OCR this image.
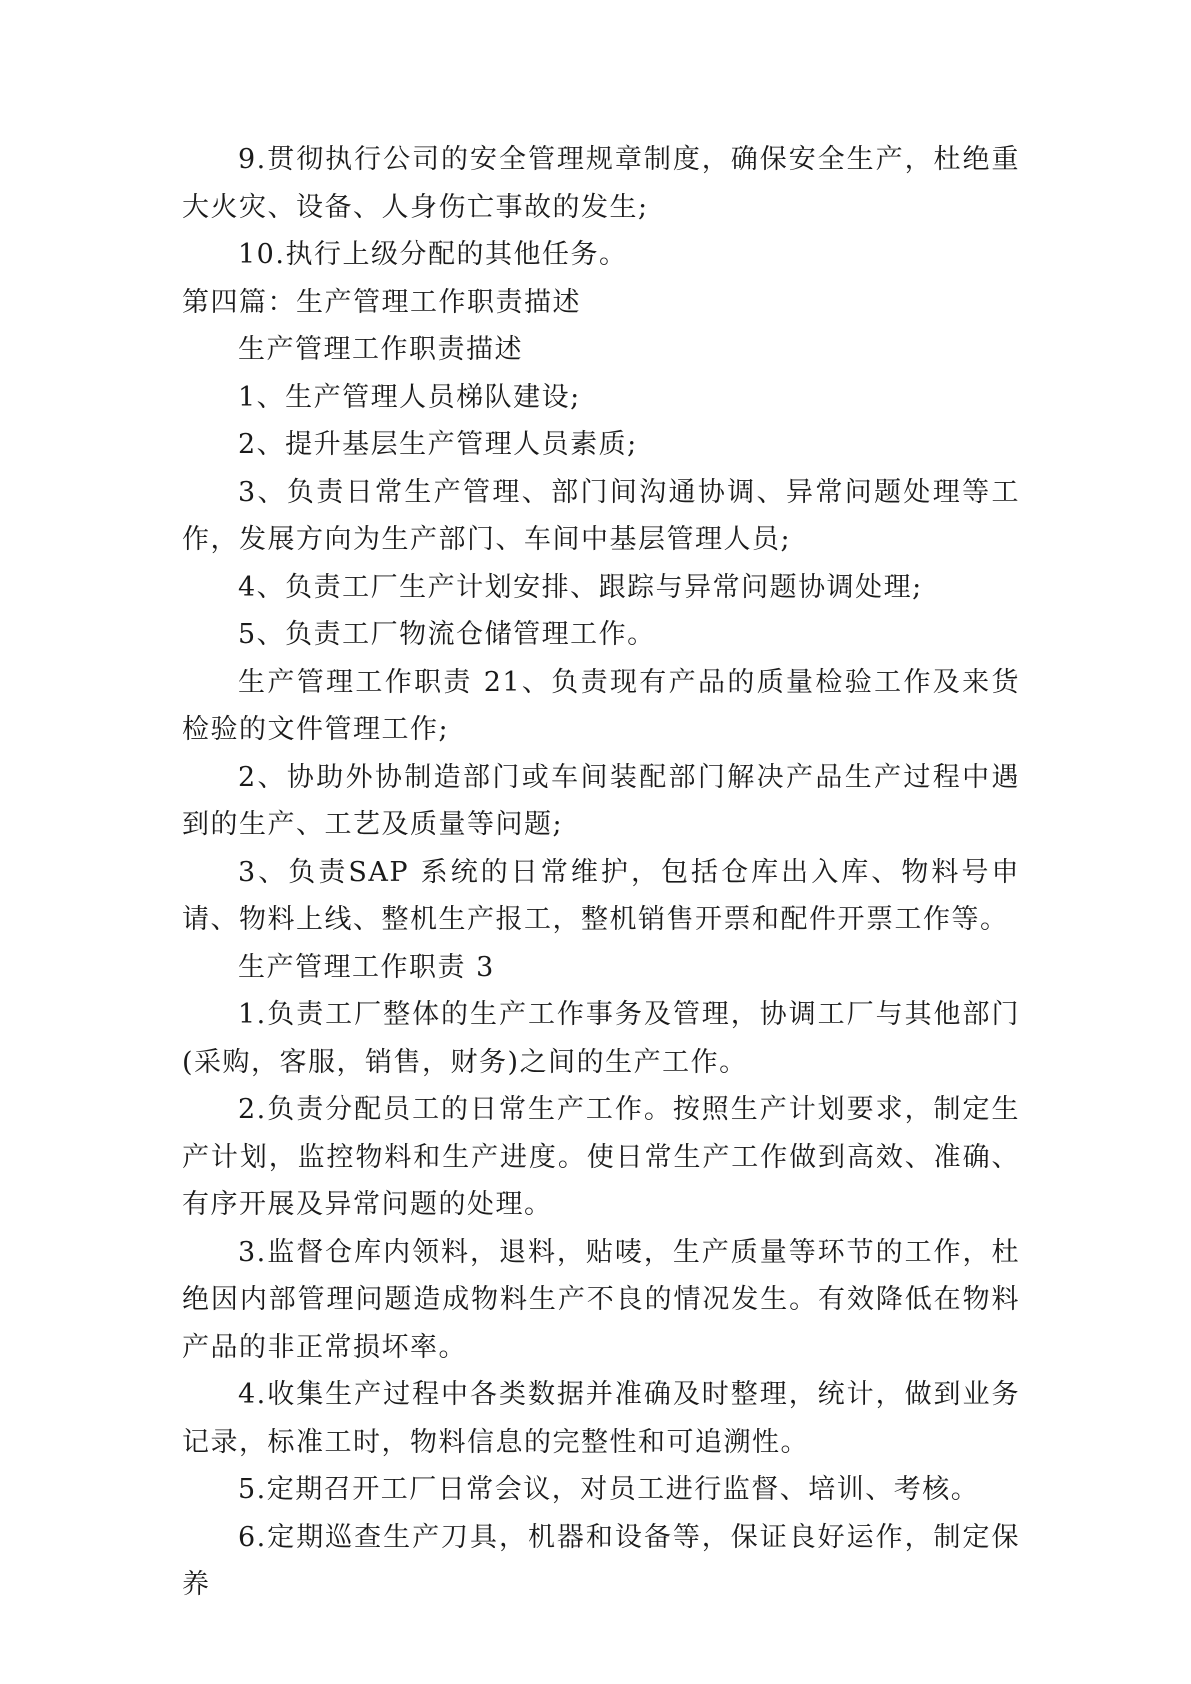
9.贯彻执行公司的安全管理规章制度，确保安全生产，杜绝重大火灾、设备、人身伤亡事故的发生;

10.执行上级分配的其他任务。

第四篇：生产管理工作职责描述

生产管理工作职责描述

1、生产管理人员梯队建设;

2、提升基层生产管理人员素质;

3、负责日常生产管理、部门间沟通协调、异常问题处理等工作，发展方向为生产部门、车间中基层管理人员;

4、负责工厂生产计划安排、跟踪与异常问题协调处理;

5、负责工厂物流仓储管理工作。

生产管理工作职责 21、负责现有产品的质量检验工作及来货检验的文件管理工作;

2、协助外协制造部门或车间装配部门解决产品生产过程中遇到的生产、工艺及质量等问题;

3、负责SAP 系统的日常维护，包括仓库出入库、物料号申请、物料上线、整机生产报工，整机销售开票和配件开票工作等。

生产管理工作职责 3

1.负责工厂整体的生产工作事务及管理，协调工厂与其他部门(采购，客服，销售，财务)之间的生产工作。

2.负责分配员工的日常生产工作。按照生产计划要求，制定生产计划，监控物料和生产进度。使日常生产工作做到高效、准确、有序开展及异常问题的处理。

3.监督仓库内领料，退料，贴唛，生产质量等环节的工作，杜绝因内部管理问题造成物料生产不良的情况发生。有效降低在物料产品的非正常损坏率。

4.收集生产过程中各类数据并准确及时整理，统计，做到业务记录，标准工时，物料信息的完整性和可追溯性。

5.定期召开工厂日常会议，对员工进行监督、培训、考核。

6.定期巡查生产刀具，机器和设备等，保证良好运作，制定保养
